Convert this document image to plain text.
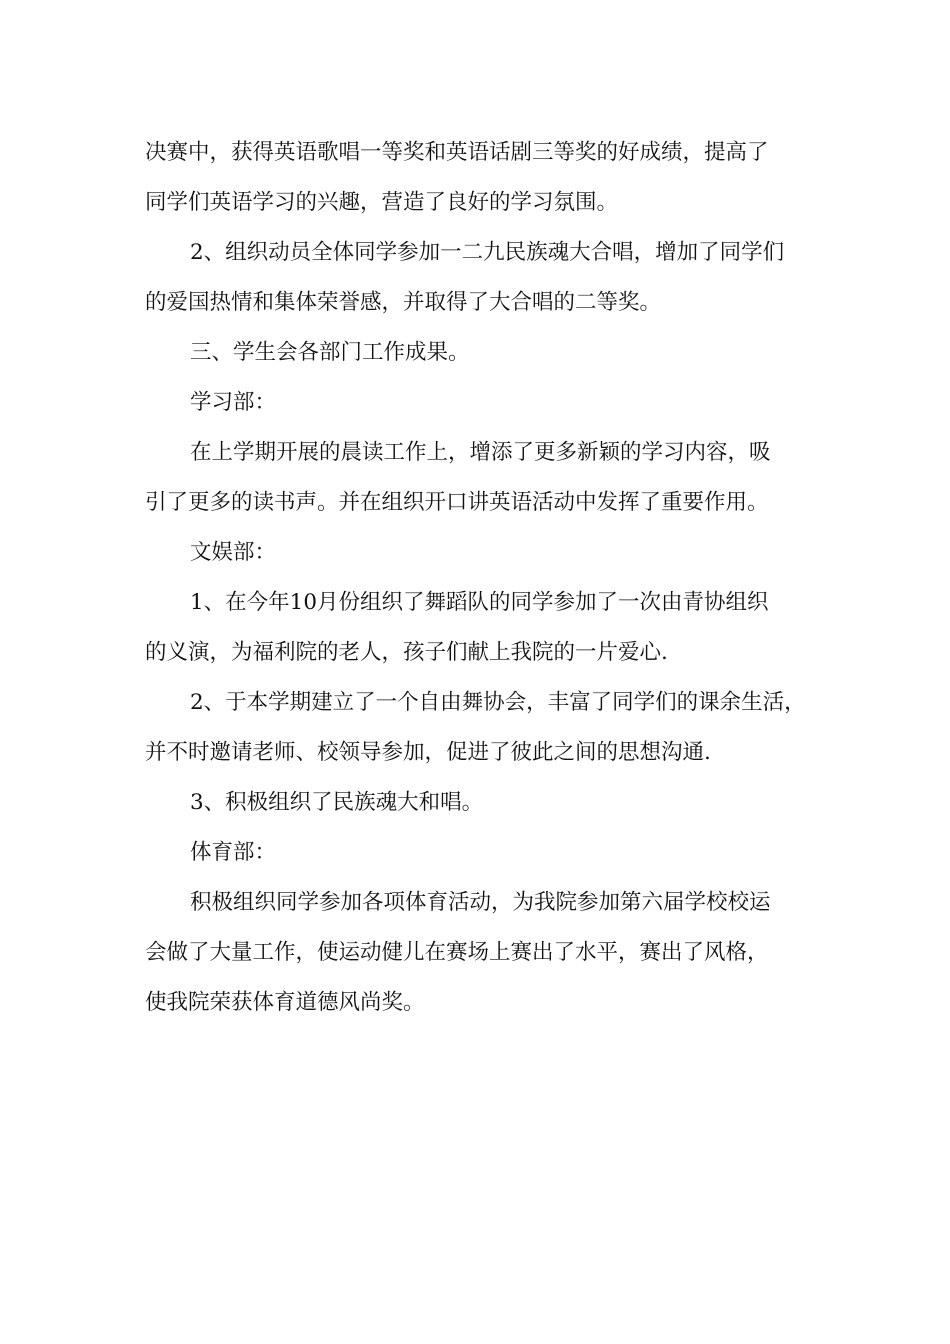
决赛中，获得英语歌唱一等奖和英语话剧三等奖的好成绩，提高了
同学们英语学习的兴趣，营造了良好的学习氛围。
2、组织动员全体同学参加一二九民族魂大合唱，增加了同学们
的爱国热情和集体荣誉感，并取得了大合唱的二等奖。
三、学生会各部门工作成果。
学习部：
在上学期开展的晨读工作上，增添了更多新颖的学习内容，吸
引了更多的读书声。并在组织开口讲英语活动中发挥了重要作用。
文娱部：
1、在今年10月份组织了舞蹈队的同学参加了一次由青协组织
的义演，为福利院的老人，孩子们献上我院的一片爱心.
2、于本学期建立了一个自由舞协会，丰富了同学们的课余生活，
并不时邀请老师、校领导参加，促进了彼此之间的思想沟通.
3、积极组织了民族魂大和唱。
体育部：
积极组织同学参加各项体育活动，为我院参加第六届学校校运
会做了大量工作，使运动健儿在赛场上赛出了水平，赛出了风格，
使我院荣获体育道德风尚奖。
